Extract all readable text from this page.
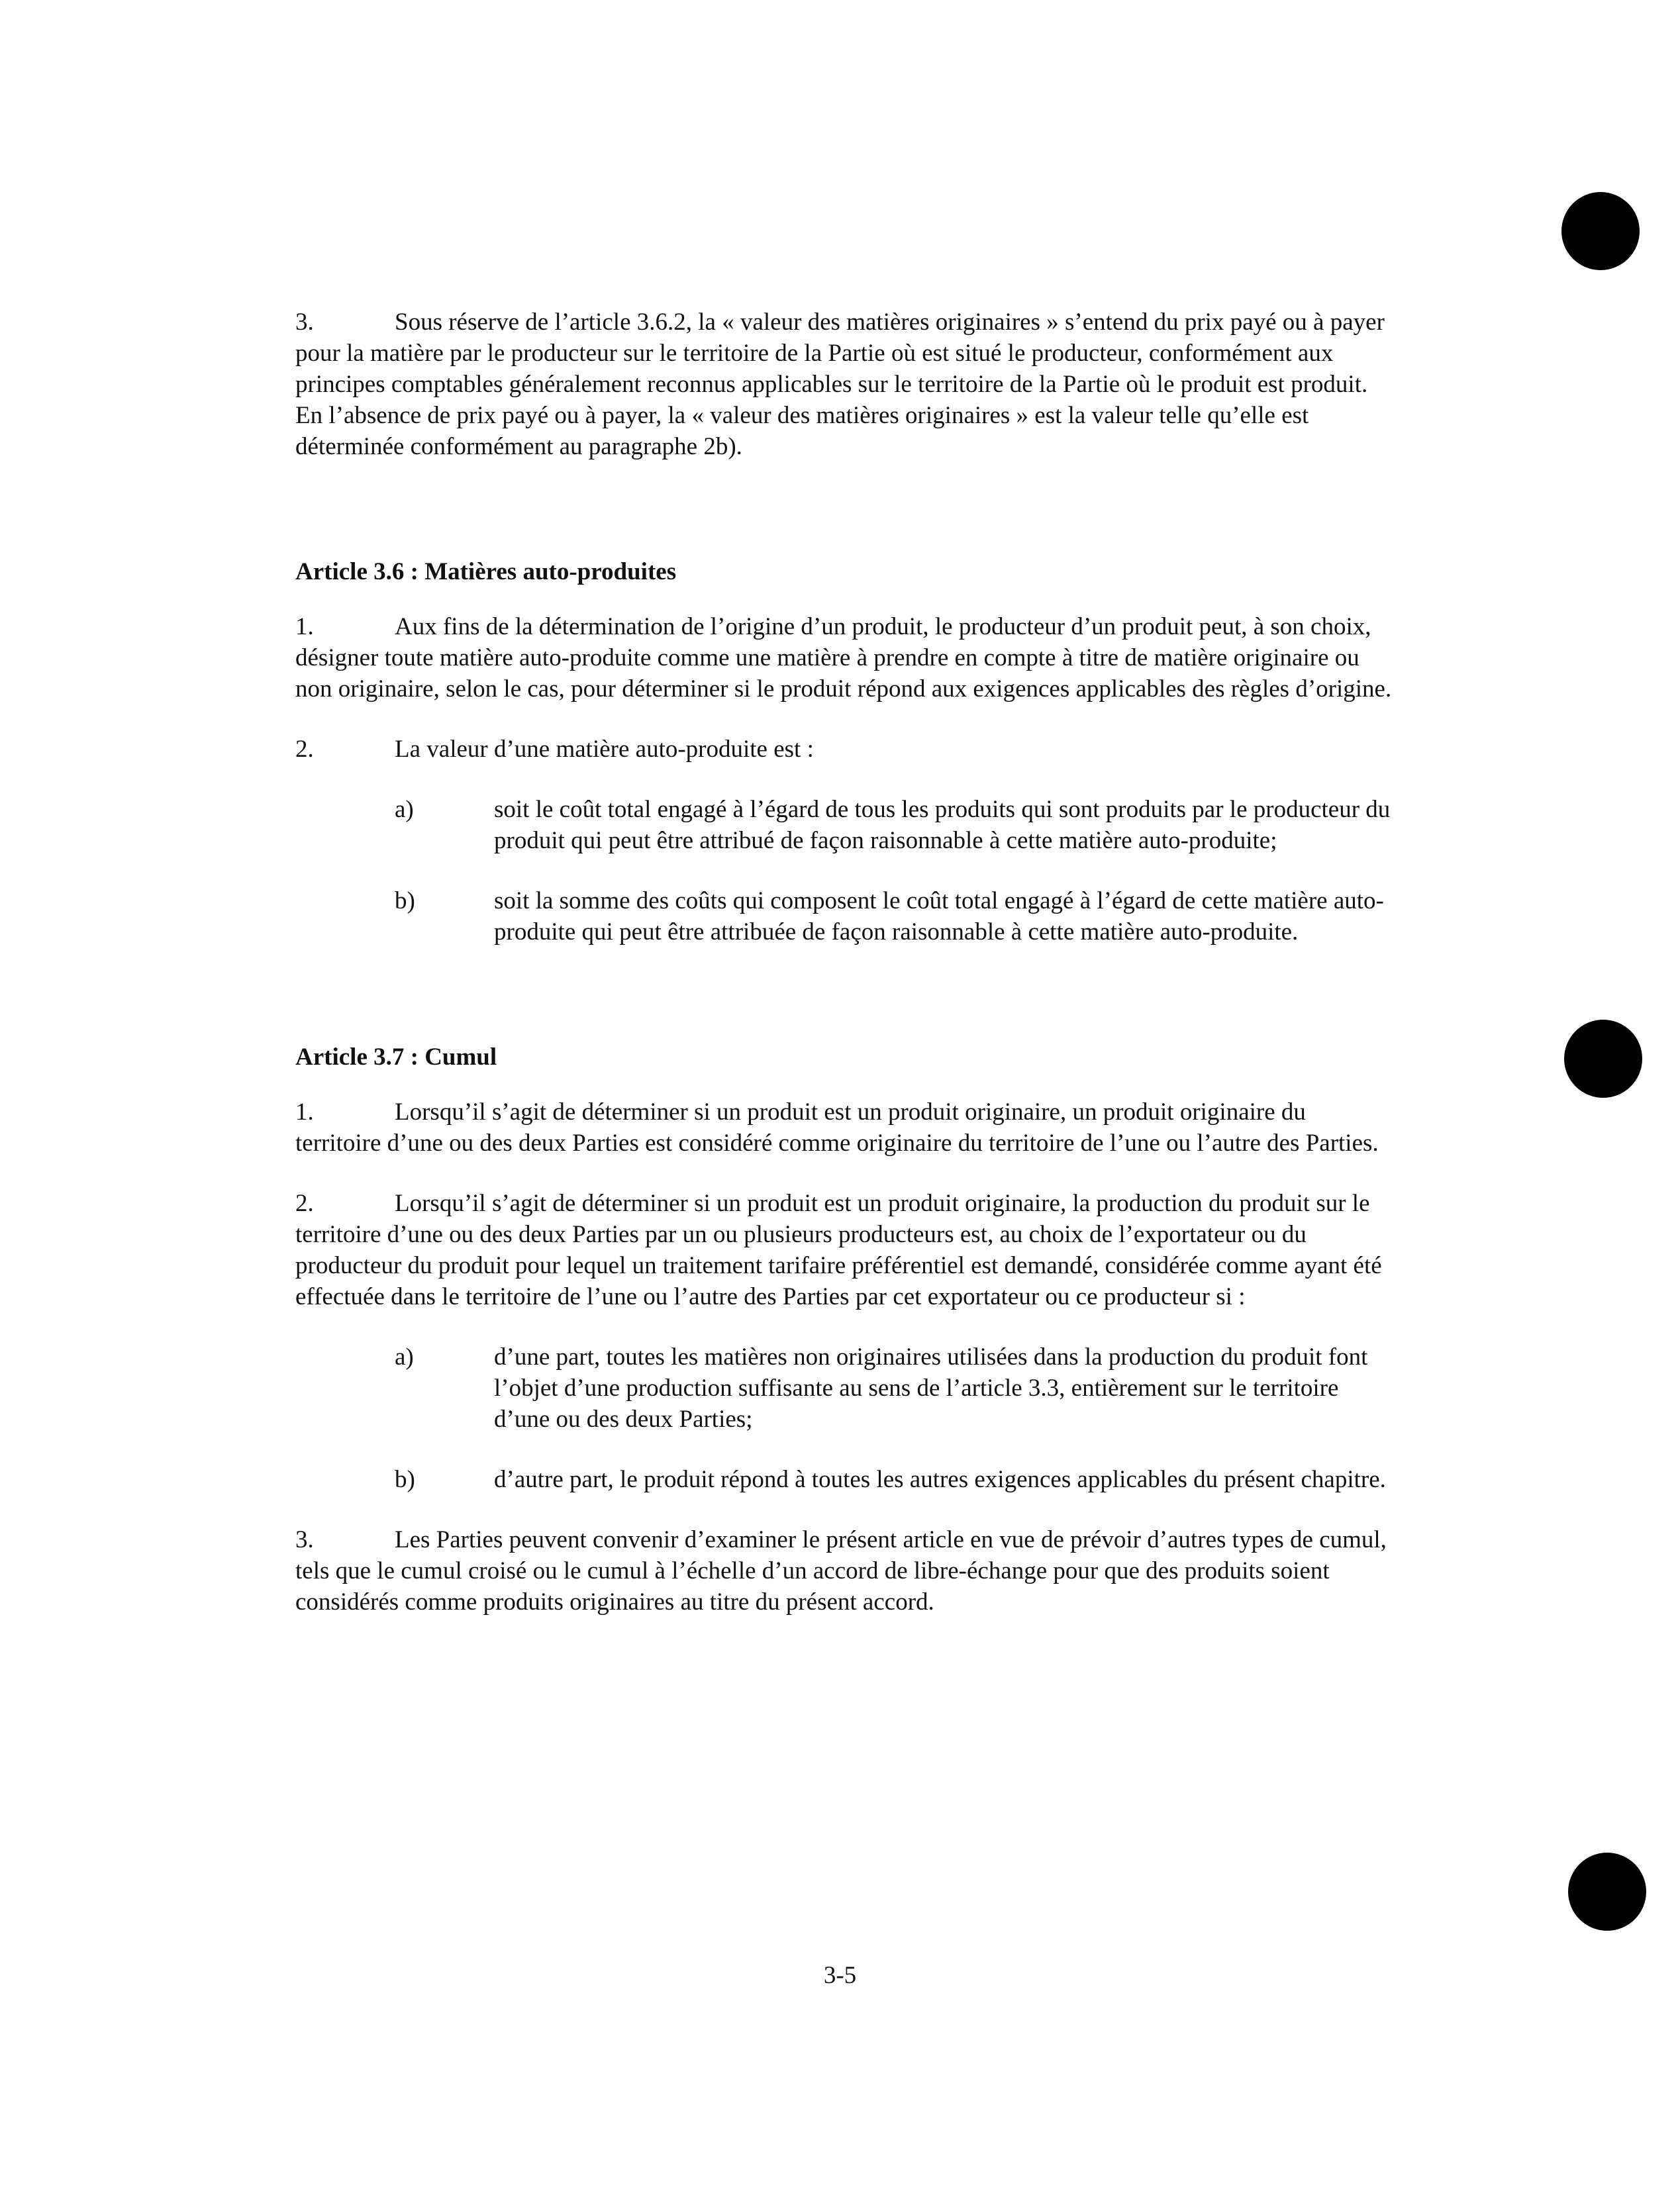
3.	Sous réserve de l’article 3.6.2, la « valeur des matières originaires » s’entend du prix payé ou à payer pour la matière par le producteur sur le territoire de la Partie où est situé le producteur, conformément aux principes comptables généralement reconnus applicables sur le territoire de la Partie où le produit est produit. En l’absence de prix payé ou à payer, la « valeur des matières originaires » est la valeur telle qu’elle est déterminée conformément au paragraphe 2b).

Article 3.6 : Matières auto-produites

1.	Aux fins de la détermination de l’origine d’un produit, le producteur d’un produit peut, à son choix, désigner toute matière auto-produite comme une matière à prendre en compte à titre de matière originaire ou non originaire, selon le cas, pour déterminer si le produit répond aux exigences applicables des règles d’origine.

2.	La valeur d’une matière auto-produite est :

a)	soit le coût total engagé à l’égard de tous les produits qui sont produits par le producteur du produit qui peut être attribué de façon raisonnable à cette matière auto-produite;

b)	soit la somme des coûts qui composent le coût total engagé à l’égard de cette matière auto-produite qui peut être attribuée de façon raisonnable à cette matière auto-produite.

Article 3.7 : Cumul

1.	Lorsqu’il s’agit de déterminer si un produit est un produit originaire, un produit originaire du territoire d’une ou des deux Parties est considéré comme originaire du territoire de l’une ou l’autre des Parties.

2.	Lorsqu’il s’agit de déterminer si un produit est un produit originaire, la production du produit sur le territoire d’une ou des deux Parties par un ou plusieurs producteurs est, au choix de l’exportateur ou du producteur du produit pour lequel un traitement tarifaire préférentiel est demandé, considérée comme ayant été effectuée dans le territoire de l’une ou l’autre des Parties par cet exportateur ou ce producteur si :

a)	d’une part, toutes les matières non originaires utilisées dans la production du produit font l’objet d’une production suffisante au sens de l’article 3.3, entièrement sur le territoire d’une ou des deux Parties;

b)	d’autre part, le produit répond à toutes les autres exigences applicables du présent chapitre.

3.	Les Parties peuvent convenir d’examiner le présent article en vue de prévoir d’autres types de cumul, tels que le cumul croisé ou le cumul à l’échelle d’un accord de libre-échange pour que des produits soient considérés comme produits originaires au titre du présent accord.

3-5
